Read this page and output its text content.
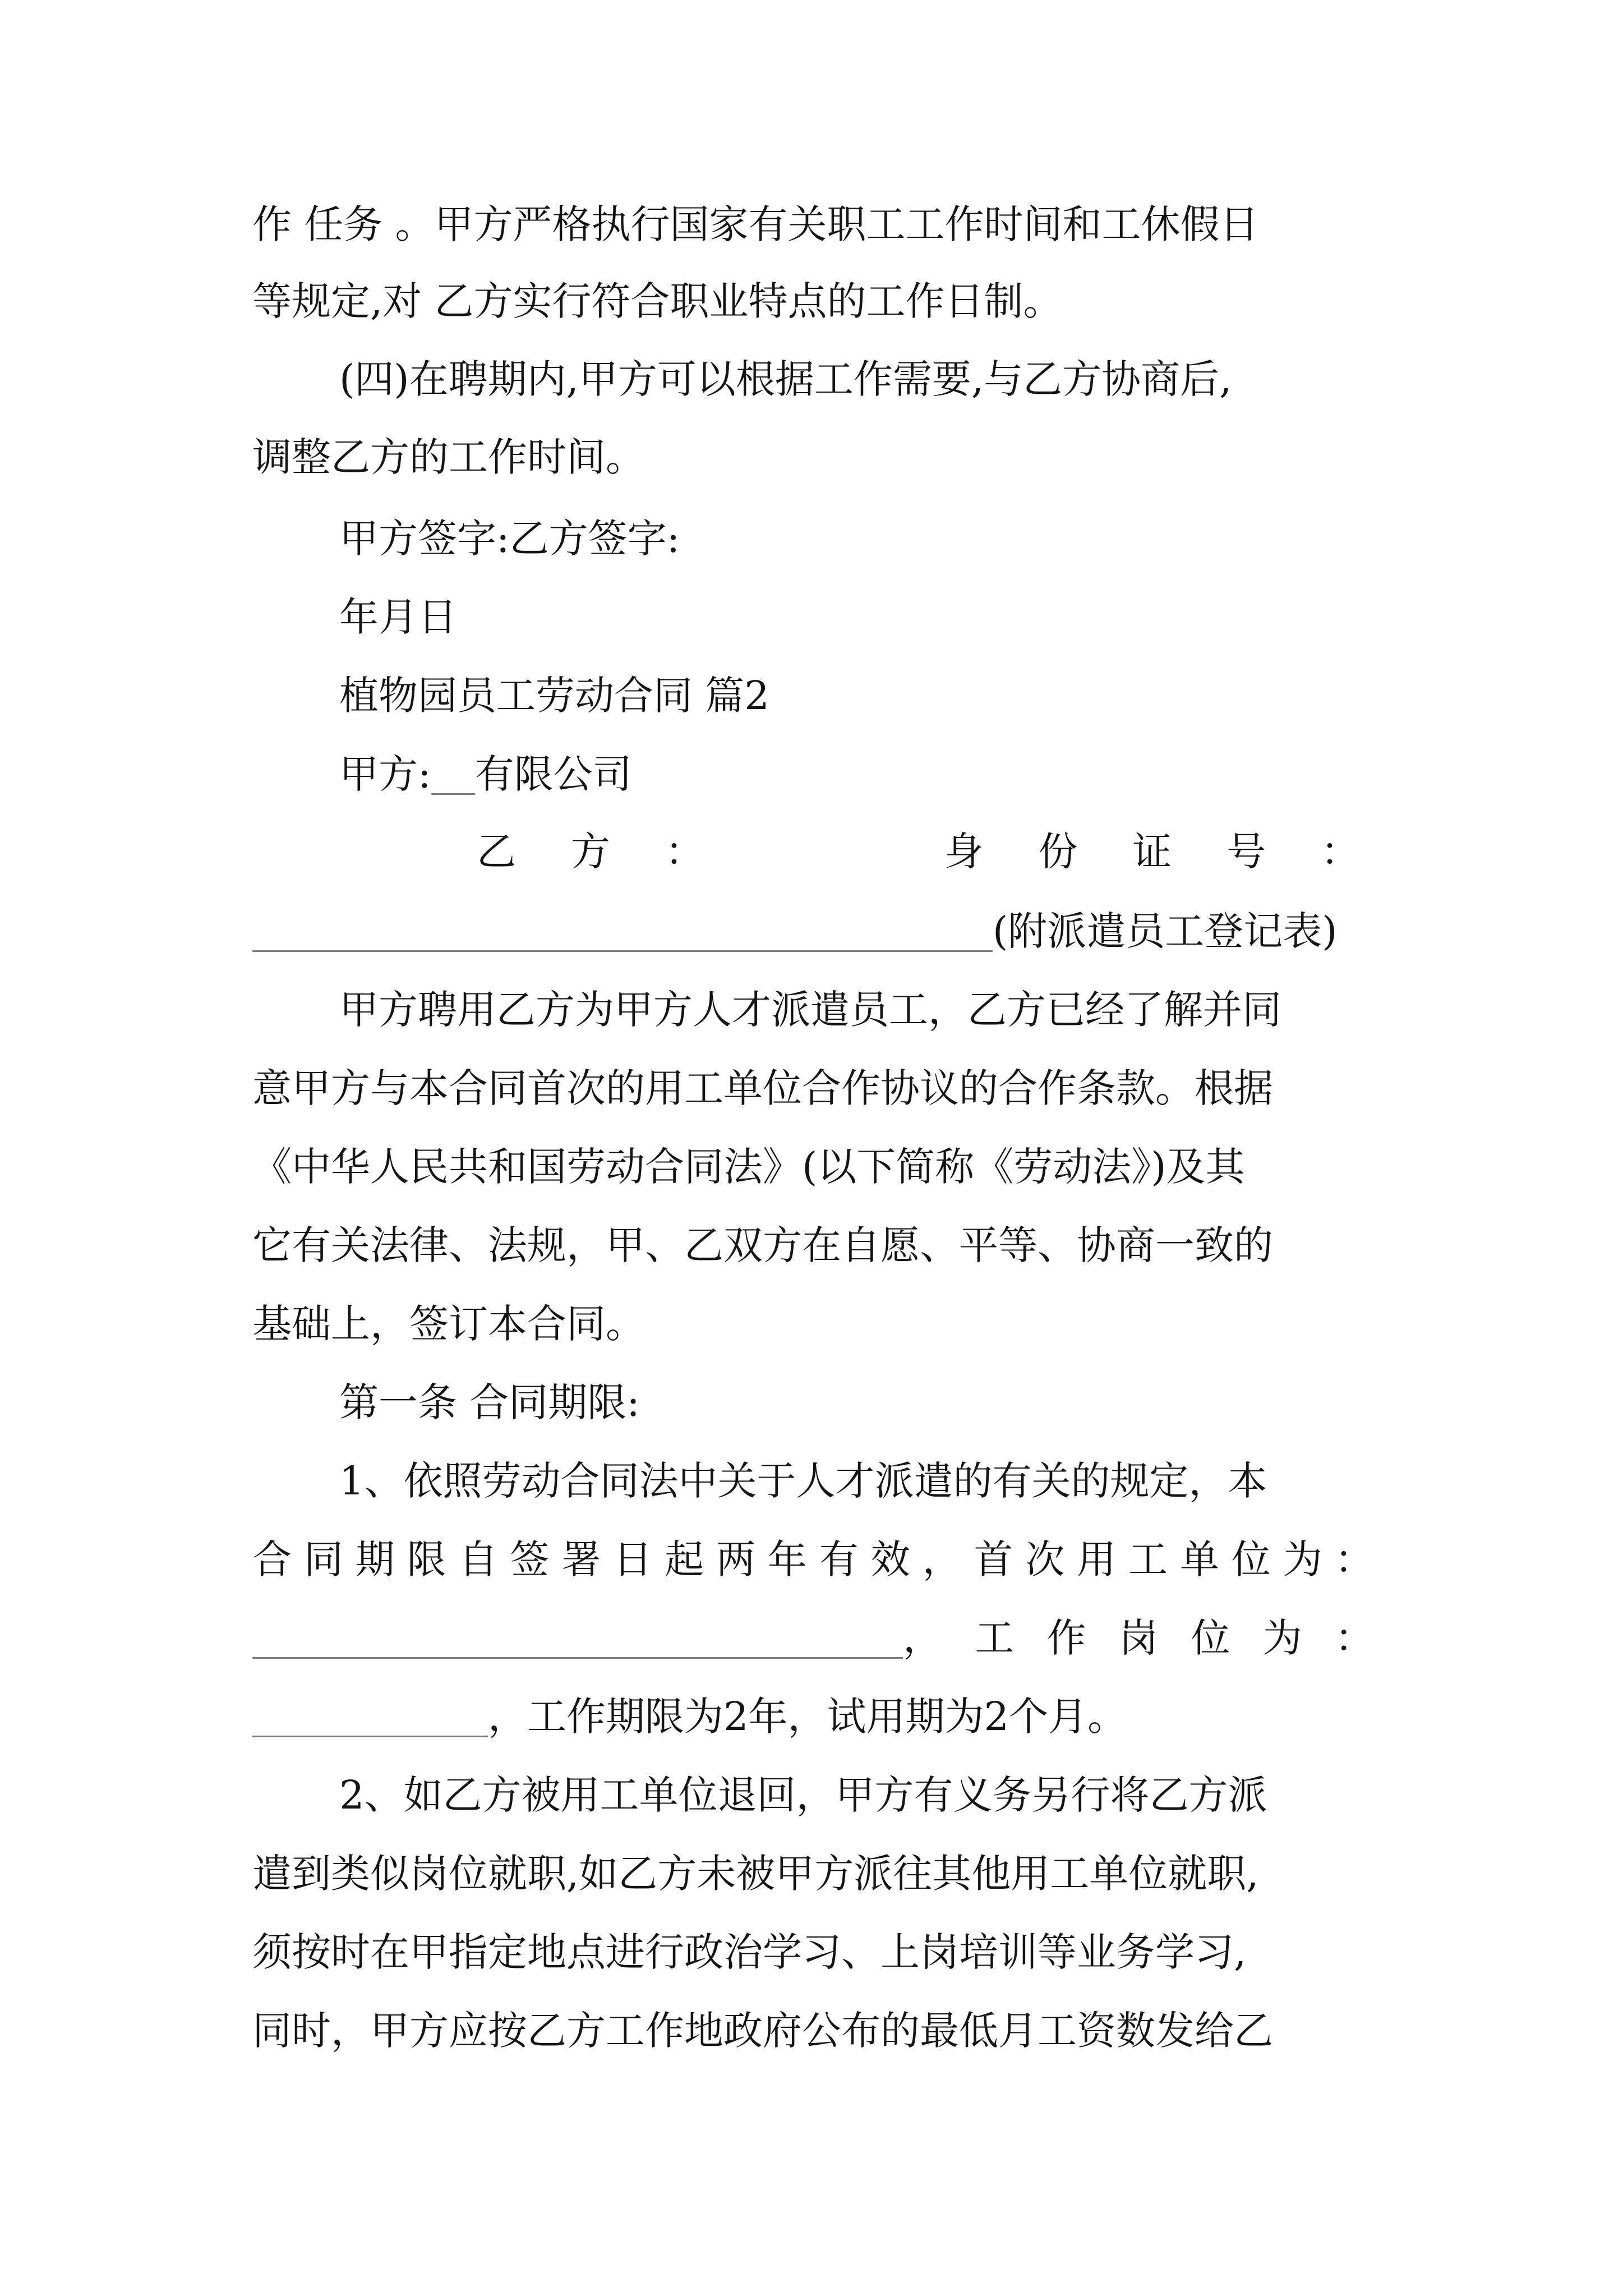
作 任务 。甲方严格执行国家有关职工工作时间和工休假日
等规定,对 乙方实行符合职业特点的工作日制。
(四)在聘期内,甲方可以根据工作需要,与乙方协商后,
调整乙方的工作时间。
甲方签字:乙方签字:
年月日
植物园员工劳动合同 篇2
甲方: 有限公司
乙 方 ：	身 份 证 号 ：
(附派遣员工登记表)
甲方聘用乙方为甲方人才派遣员工，乙方已经了解并同
意甲方与本合同首次的用工单位合作协议的合作条款。根据
《中华人民共和国劳动合同法》(以下简称《劳动法》)及其
它有关法律、法规，甲、乙双方在自愿、平等、协商一致的
基础上，签订本合同。
第一条 合同期限:
1、依照劳动合同法中关于人才派遣的有关的规定，本
合 同 期 限 自 签 署 日 起 两 年 有 效 ， 首 次 用 工 单 位 为 ：
， 工 作 岗 位 为 ：
，工作期限为2年，试用期为2个月。
2、如乙方被用工单位退回，甲方有义务另行将乙方派
遣到类似岗位就职,如乙方未被甲方派往其他用工单位就职,
须按时在甲指定地点进行政治学习、上岗培训等业务学习,
同时，甲方应按乙方工作地政府公布的最低月工资数发给乙
